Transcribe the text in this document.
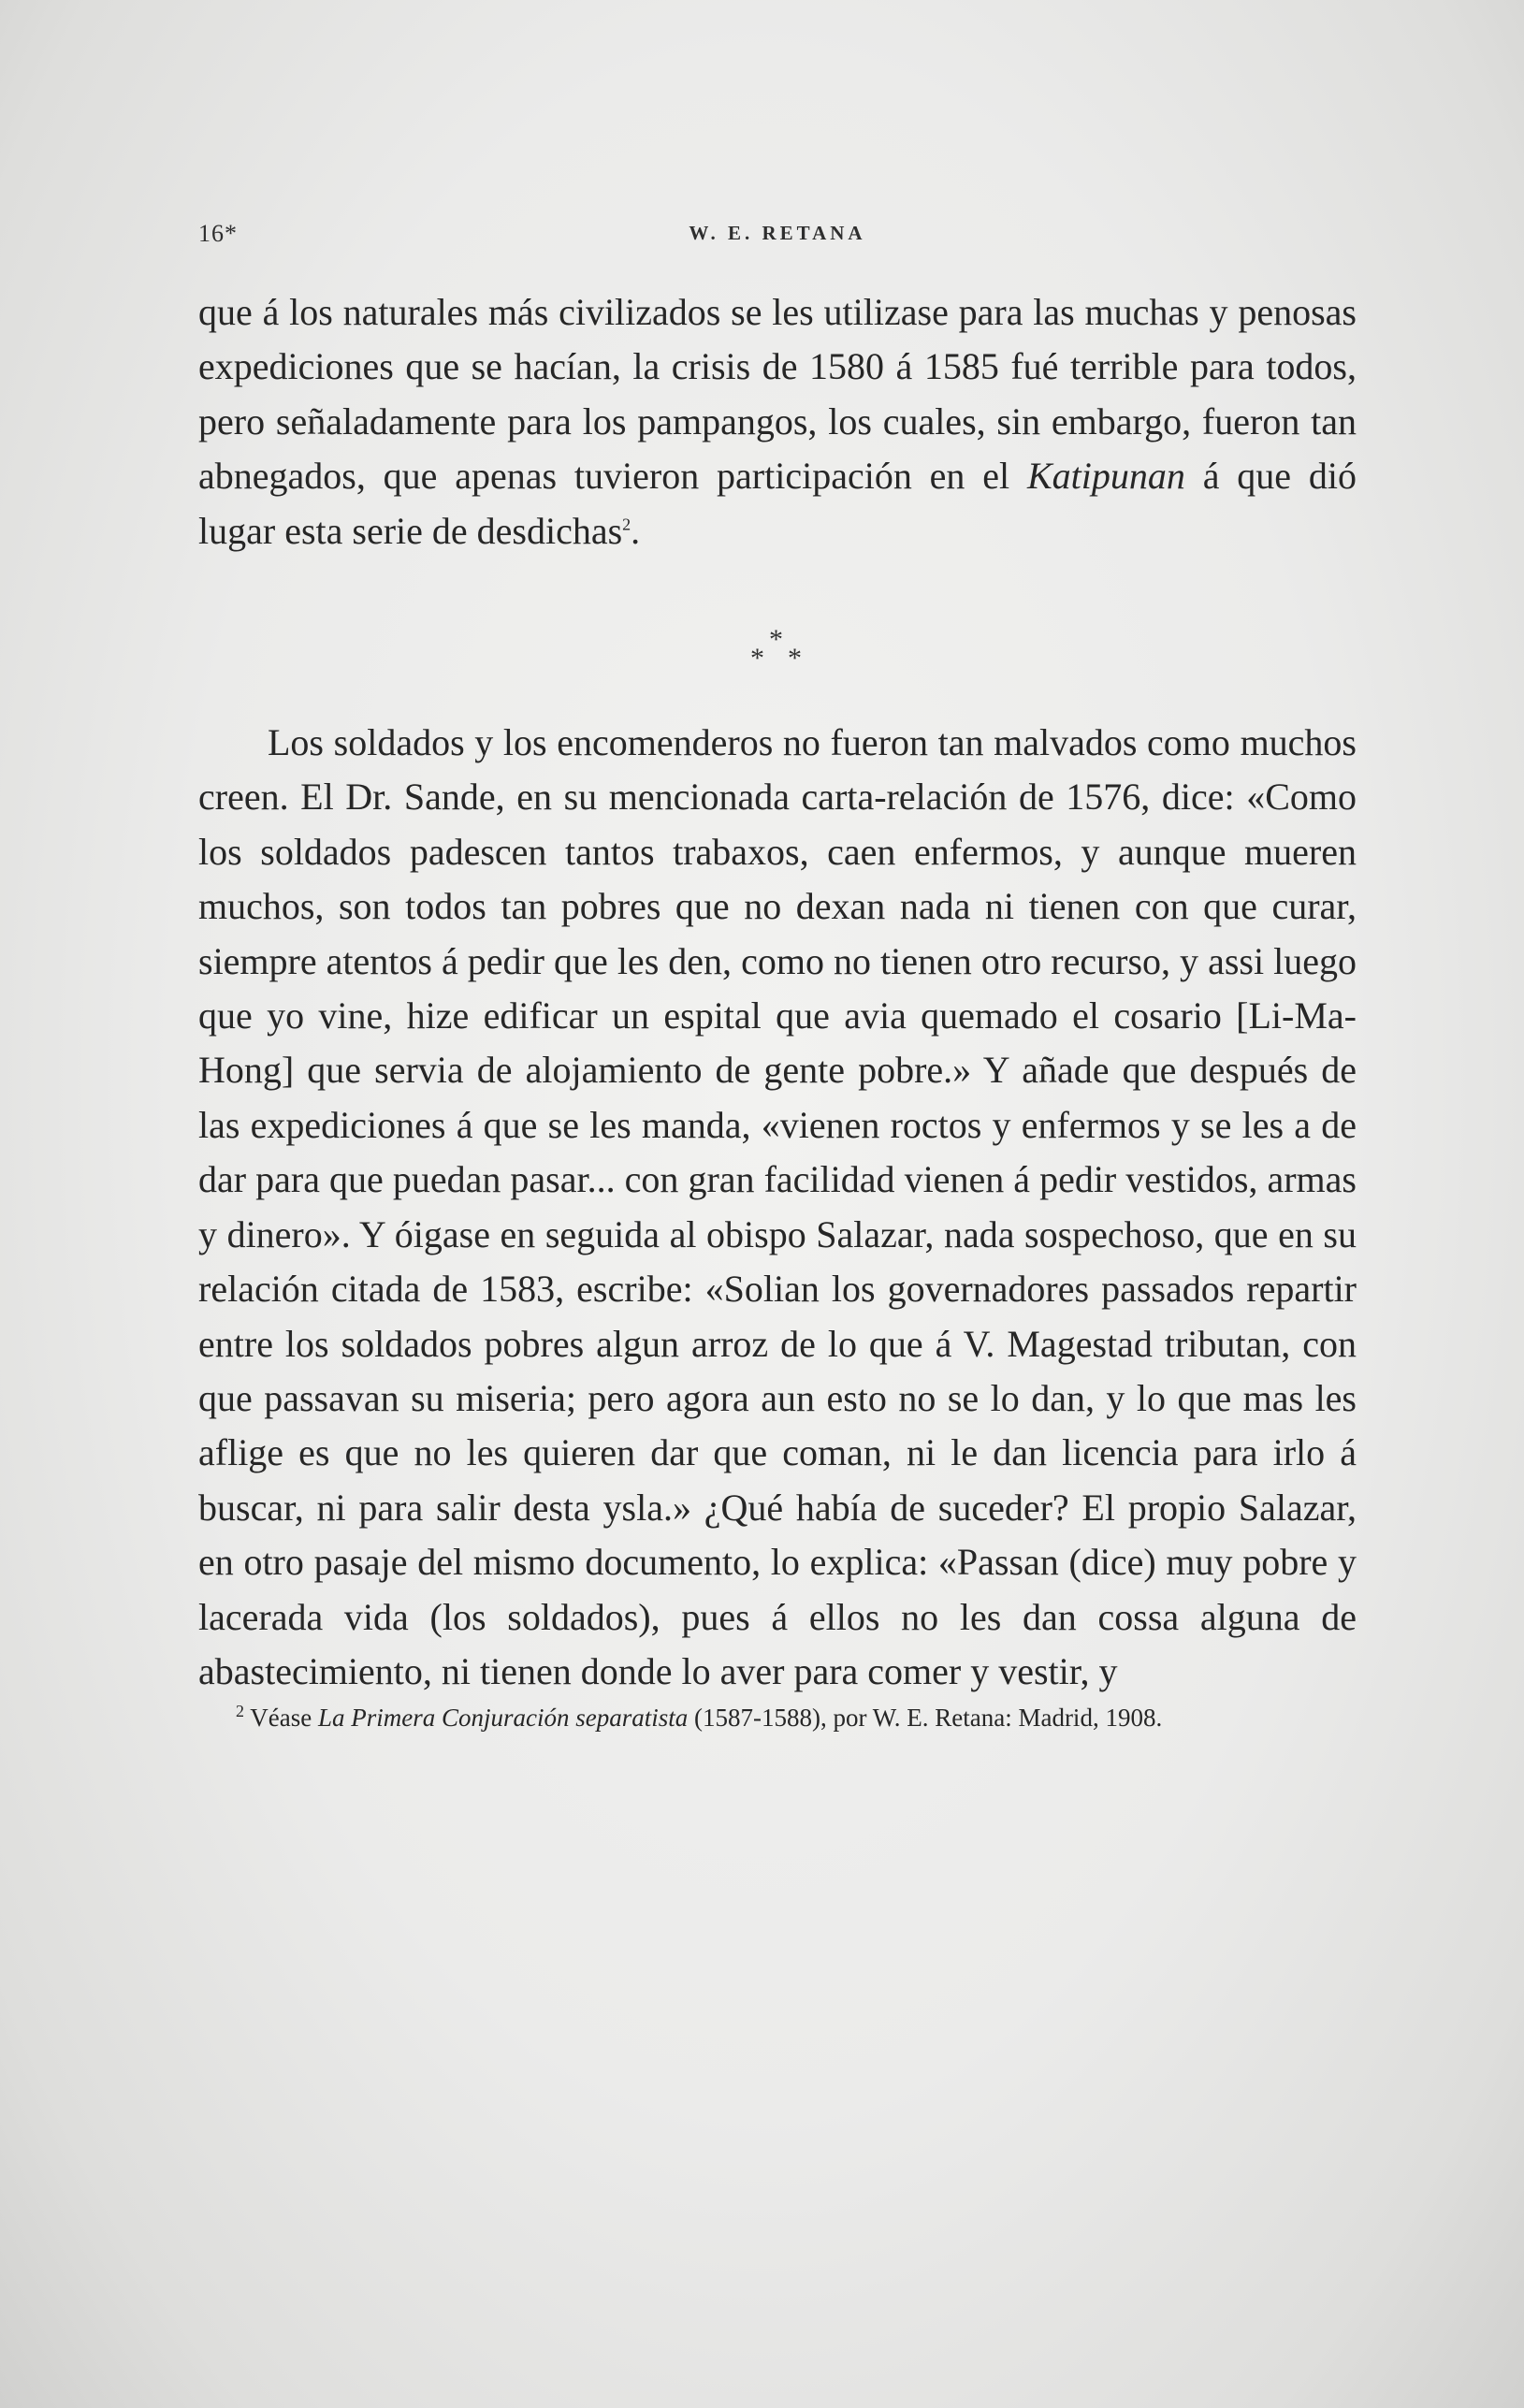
16*	W. E. RETANA

que á los naturales más civilizados se les utilizase para las muchas y penosas expediciones que se hacían, la crisis de 1580 á 1585 fué terrible para todos, pero señaladamente para los pampangos, los cuales, sin embargo, fueron tan abnegados, que apenas tuvieron participación en el Katipunan á que dió lugar esta serie de desdichas$^2$.

*
* *

Los soldados y los encomenderos no fueron tan malvados como muchos creen. El Dr. Sande, en su mencionada carta-relación de 1576, dice: «Como los soldados padescen tantos trabaxos, caen enfermos, y aunque mueren muchos, son todos tan pobres que no dexan nada ni tienen con que curar, siempre atentos á pedir que les den, como no tienen otro recurso, y assi luego que yo vine, hize edificar un espital que avia quemado el cosario [Li-Ma-Hong] que servia de alojamiento de gente pobre.» Y añade que después de las expediciones á que se les manda, «vienen roctos y enfermos y se les a de dar para que puedan pasar... con gran facilidad vienen á pedir vestidos, armas y dinero». Y óigase en seguida al obispo Salazar, nada sospechoso, que en su relación citada de 1583, escribe: «Solian los governadores passados repartir entre los soldados pobres algun arroz de lo que á V. Magestad tributan, con que passavan su miseria; pero agora aun esto no se lo dan, y lo que mas les aflige es que no les quieren dar que coman, ni le dan licencia para irlo á buscar, ni para salir desta ysla.» ¿Qué había de suceder? El propio Salazar, en otro pasaje del mismo documento, lo explica: «Passan (dice) muy pobre y lacerada vida (los soldados), pues á ellos no les dan cossa alguna de abastecimiento, ni tienen donde lo aver para comer y vestir, y

$^2$ Véase La Primera Conjuración separatista (1587-1588), por W. E. Retana: Madrid, 1908.
